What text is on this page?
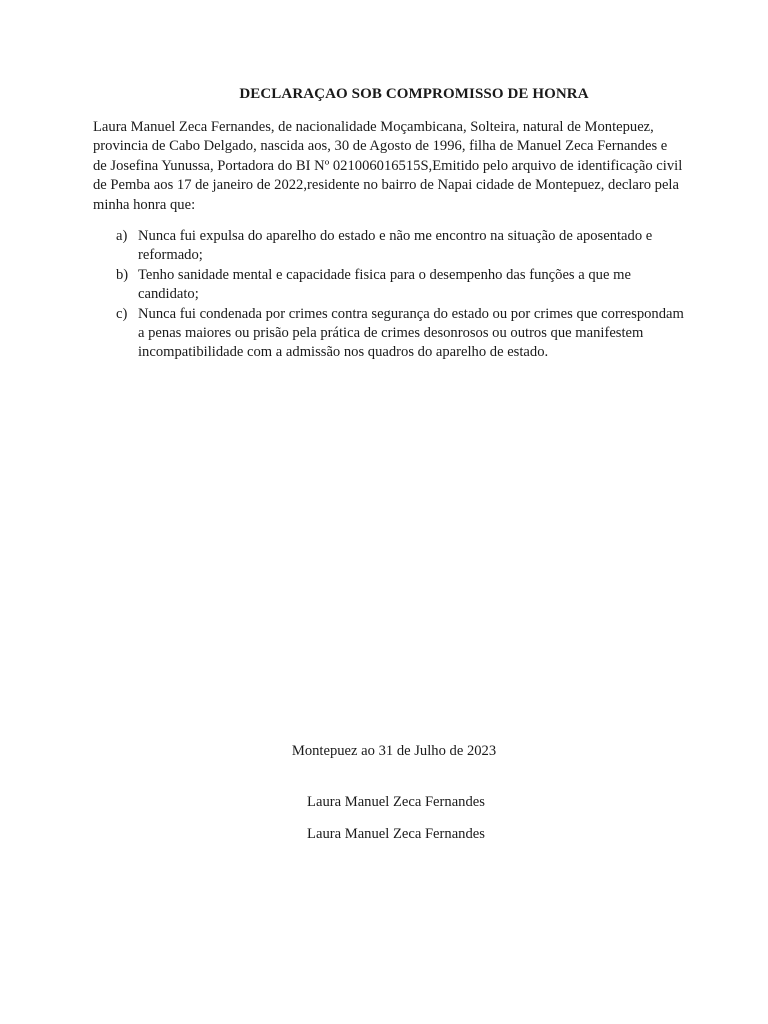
DECLARAÇAO SOB COMPROMISSO DE HONRA
Laura Manuel Zeca Fernandes, de nacionalidade Moçambicana, Solteira, natural de Montepuez, provincia de Cabo Delgado, nascida aos, 30 de Agosto de 1996, filha de Manuel Zeca Fernandes e de Josefina Yunussa, Portadora do BI Nº 021006016515S,Emitido pelo arquivo de identificação civil de Pemba aos 17 de janeiro de 2022,residente no bairro de Napai cidade de Montepuez, declaro pela minha honra que:
a) Nunca fui expulsa do aparelho do estado e não me encontro na situação de aposentado e reformado;
b) Tenho sanidade mental e capacidade fisica para o desempenho das funções a que me candidato;
c) Nunca fui condenada por crimes contra segurança do estado ou por crimes que correspondam a penas maiores ou prisão pela prática de crimes desonrosos ou outros que manifestem incompatibilidade com a admissão nos quadros do aparelho de estado.
Montepuez ao 31 de Julho de 2023
Laura Manuel Zeca Fernandes
Laura Manuel Zeca Fernandes
